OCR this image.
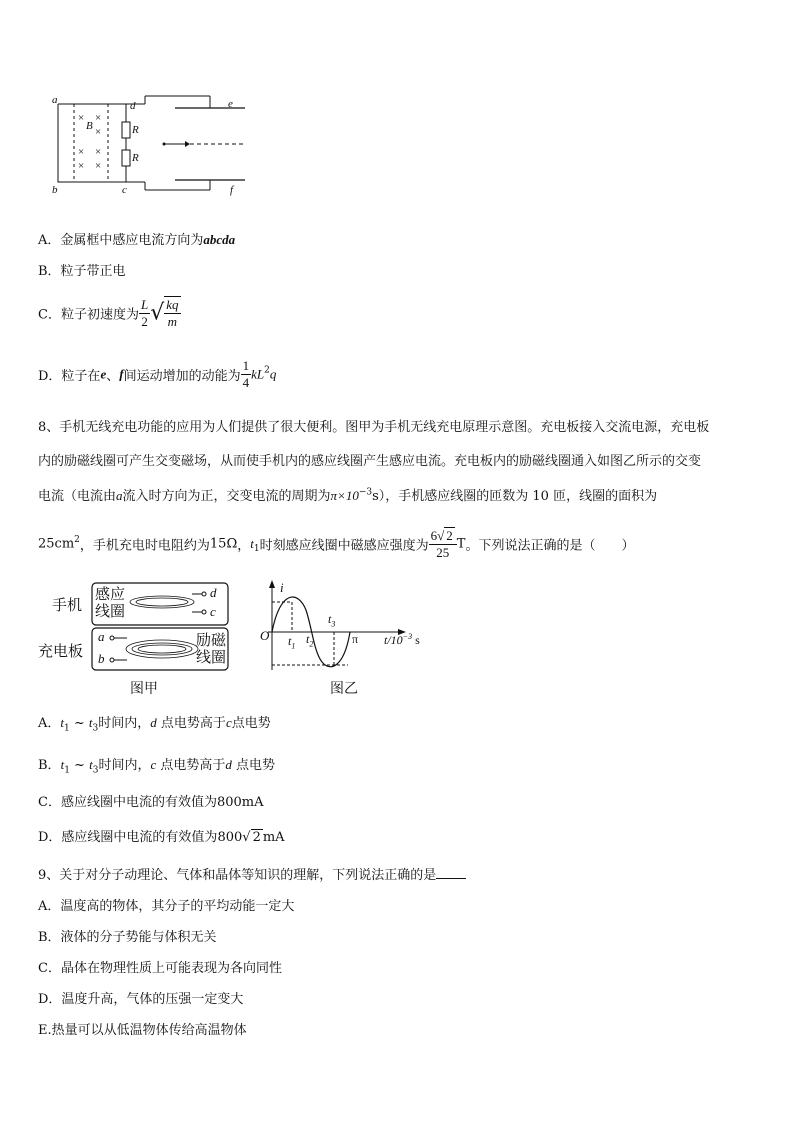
a
b	c
d	e
f
B	R
R
× ×
×
× ×
× ×
A．金属框中感应电流方向为abcda
B．粒子带正电
C．粒子初速度为 $\frac{L}{2}$ √ $\frac{kq}{m}$
D．粒子在e、f间运动增加的动能为 $\frac{1}{4} kL^2q$
8、手机无线充电功能的应用为人们提供了很大便利。图甲为手机无线充电原理示意图。充电板接入交流电源，充电板
内的励磁线圈可产生交变磁场，从而使手机内的感应线圈产生感应电流。充电板内的励磁线圈通入如图乙所示的交变
电流（电流由a流入时方向为正，交变电流的周期为$\pi\times 10^{-3}s$），手机感应线圈的匝数为 10 匝，线圈的面积为
$25cm^2$，手机充电时电阻约为15Ω，$t_1$时刻感应线圈中磁感应强度为 $\frac{6√ 2}{25}$ T。下列说法正确的是（　　）
手机
充电板
感应线圈
励磁线圈
d
c
a
b
图甲
i
O $t_1$ $t_2$
$t_3$
π $t/10^{-3}$ s
图乙
A．$t_1$ ~ $t_3$时间内，d 点电势高于c点电势
B．$t_1$ ~ $t_3$时间内，c 点电势高于d 点电势
C．感应线圈中电流的有效值为800mA
D．感应线圈中电流的有效值为800√ 2 mA
9、关于对分子动理论、气体和晶体等知识的理解，下列说法正确的是
A．温度高的物体，其分子的平均动能一定大
B．液体的分子势能与体积无关
C．晶体在物理性质上可能表现为各向同性
D．温度升高，气体的压强一定变大
E.热量可以从低温物体传给高温物体
